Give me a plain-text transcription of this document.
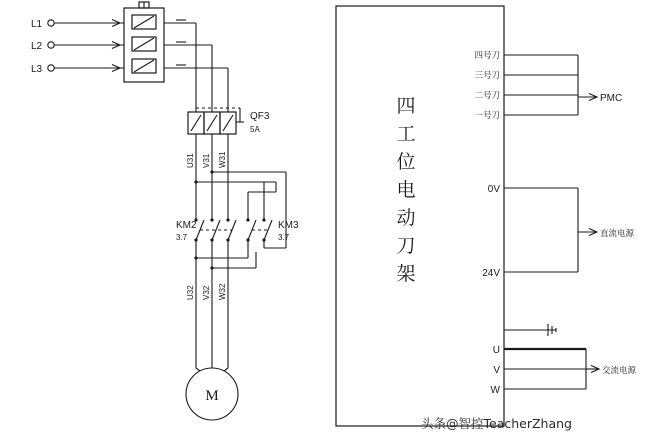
M
L1
L2
L3
QF3
5A
U31 V31 W31
KM2
3.7
KM3
3.7
U32 V32 W32
四
工
位
电
动
刀
架
四号刀
三号刀
二号刀
一号刀
PMC
0V
24V
直流电源
U
V
W
交流电源
头条@智控TeacherZhang
